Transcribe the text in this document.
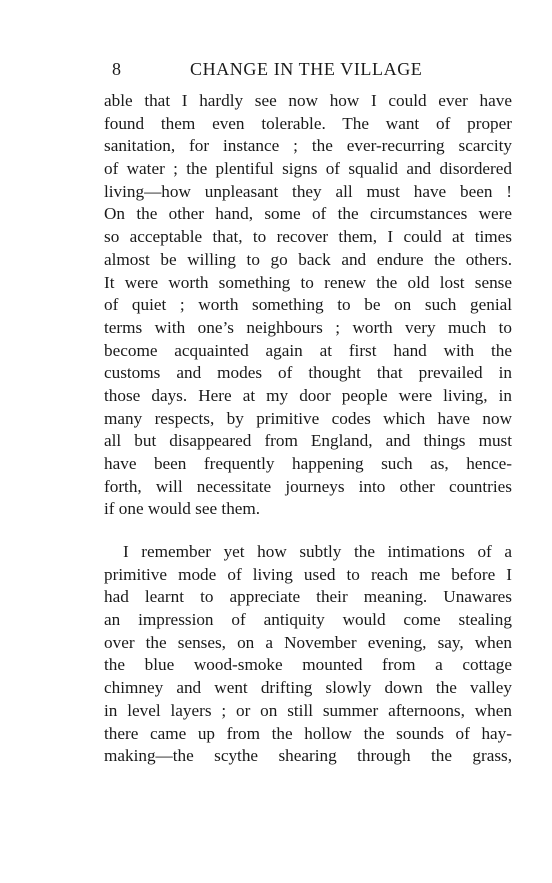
8	CHANGE IN THE VILLAGE
able that I hardly see now how I could ever have
found them even tolerable. The want of proper
sanitation, for instance ; the ever-recurring scarcity
of water ; the plentiful signs of squalid and disordered
living—how unpleasant they all must have been !
On the other hand, some of the circumstances were
so acceptable that, to recover them, I could at times
almost be willing to go back and endure the others.
It were worth something to renew the old lost sense
of quiet ; worth something to be on such genial
terms with one’s neighbours ; worth very much to
become acquainted again at first hand with the
customs and modes of thought that prevailed in
those days. Here at my door people were living, in
many respects, by primitive codes which have now
all but disappeared from England, and things must
have been frequently happening such as, hence-
forth, will necessitate journeys into other countries
if one would see them.
I remember yet how subtly the intimations of a
primitive mode of living used to reach me before I
had learnt to appreciate their meaning. Unawares
an impression of antiquity would come stealing
over the senses, on a November evening, say, when
the blue wood-smoke mounted from a cottage
chimney and went drifting slowly down the valley
in level layers ; or on still summer afternoons, when
there came up from the hollow the sounds of hay-
making—the scythe shearing through the grass,
